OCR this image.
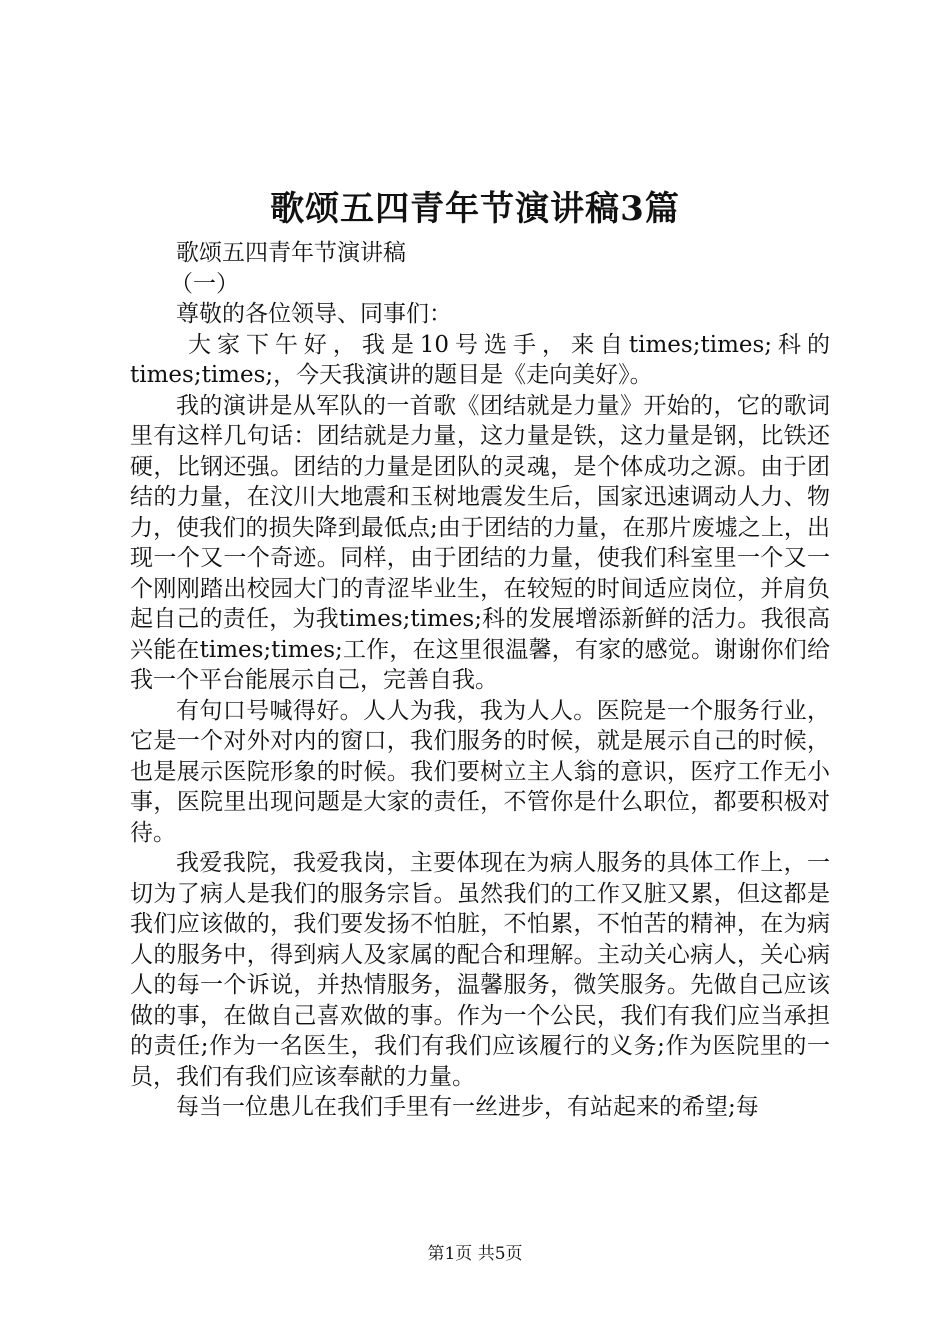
歌颂五四青年节演讲稿3篇

歌颂五四青年节演讲稿

（一）

尊敬的各位领导、同事们：

大家下午好，我是10号选手，来自times;times;科的times;times;，今天我演讲的题目是《走向美好》。

我的演讲是从军队的一首歌《团结就是力量》开始的，它的歌词里有这样几句话：团结就是力量，这力量是铁，这力量是钢，比铁还硬，比钢还强。团结的力量是团队的灵魂，是个体成功之源。由于团结的力量，在汶川大地震和玉树地震发生后，国家迅速调动人力、物力，使我们的损失降到最低点;由于团结的力量，在那片废墟之上，出现一个又一个奇迹。同样，由于团结的力量，使我们科室里一个又一个刚刚踏出校园大门的青涩毕业生，在较短的时间适应岗位，并肩负起自己的责任，为我times;times;科的发展增添新鲜的活力。我很高兴能在times;times;工作，在这里很温馨，有家的感觉。谢谢你们给我一个平台能展示自己，完善自我。

有句口号喊得好。人人为我，我为人人。医院是一个服务行业，它是一个对外对内的窗口，我们服务的时候，就是展示自己的时候，也是展示医院形象的时候。我们要树立主人翁的意识，医疗工作无小事，医院里出现问题是大家的责任，不管你是什么职位，都要积极对待。

我爱我院，我爱我岗，主要体现在为病人服务的具体工作上，一切为了病人是我们的服务宗旨。虽然我们的工作又脏又累，但这都是我们应该做的，我们要发扬不怕脏，不怕累，不怕苦的精神，在为病人的服务中，得到病人及家属的配合和理解。主动关心病人，关心病人的每一个诉说，并热情服务，温馨服务，微笑服务。先做自己应该做的事，在做自己喜欢做的事。作为一个公民，我们有我们应当承担的责任;作为一名医生，我们有我们应该履行的义务;作为医院里的一员，我们有我们应该奉献的力量。

每当一位患儿在我们手里有一丝进步，有站起来的希望;每

第1页 共5页
